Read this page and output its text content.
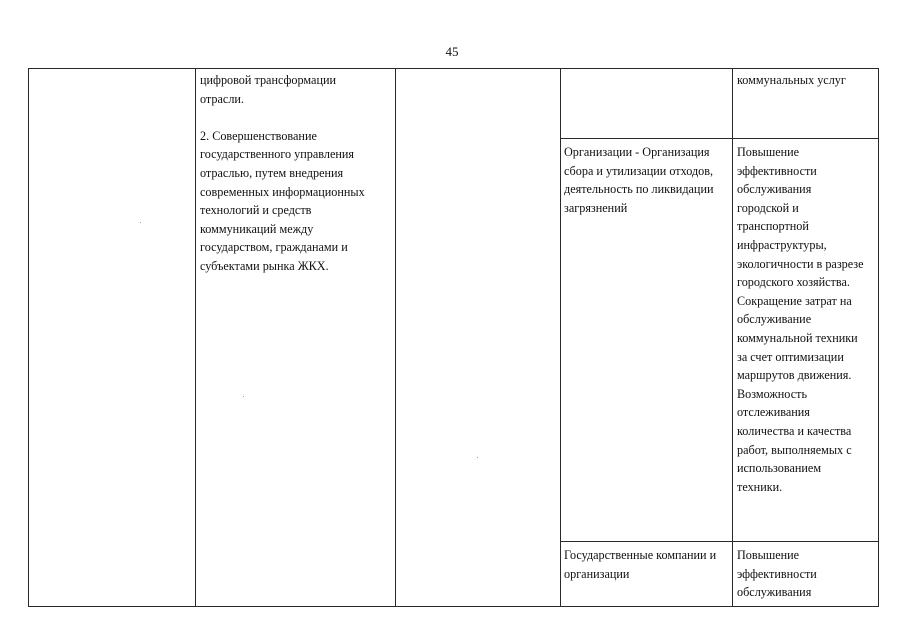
45

цифровой трансформации
отрасли.

2. Совершенствование
государственного управления
отраслью, путем внедрения
современных информационных
технологий и средств
коммуникаций между
государством, гражданами и
субъектами рынка ЖКХ.

коммунальных услуг

Организации - Организация
сбора и утилизации отходов,
деятельность по ликвидации
загрязнений

Повышение
эффективности
обслуживания
городской и
транспортной
инфраструктуры,
экологичности в разрезе
городского хозяйства.
Сокращение затрат на
обслуживание
коммунальной техники
за счет оптимизации
маршрутов движения.
Возможность
отслеживания
количества и качества
работ, выполняемых с
использованием
техники.

Государственные компании и
организации

Повышение
эффективности
обслуживания
